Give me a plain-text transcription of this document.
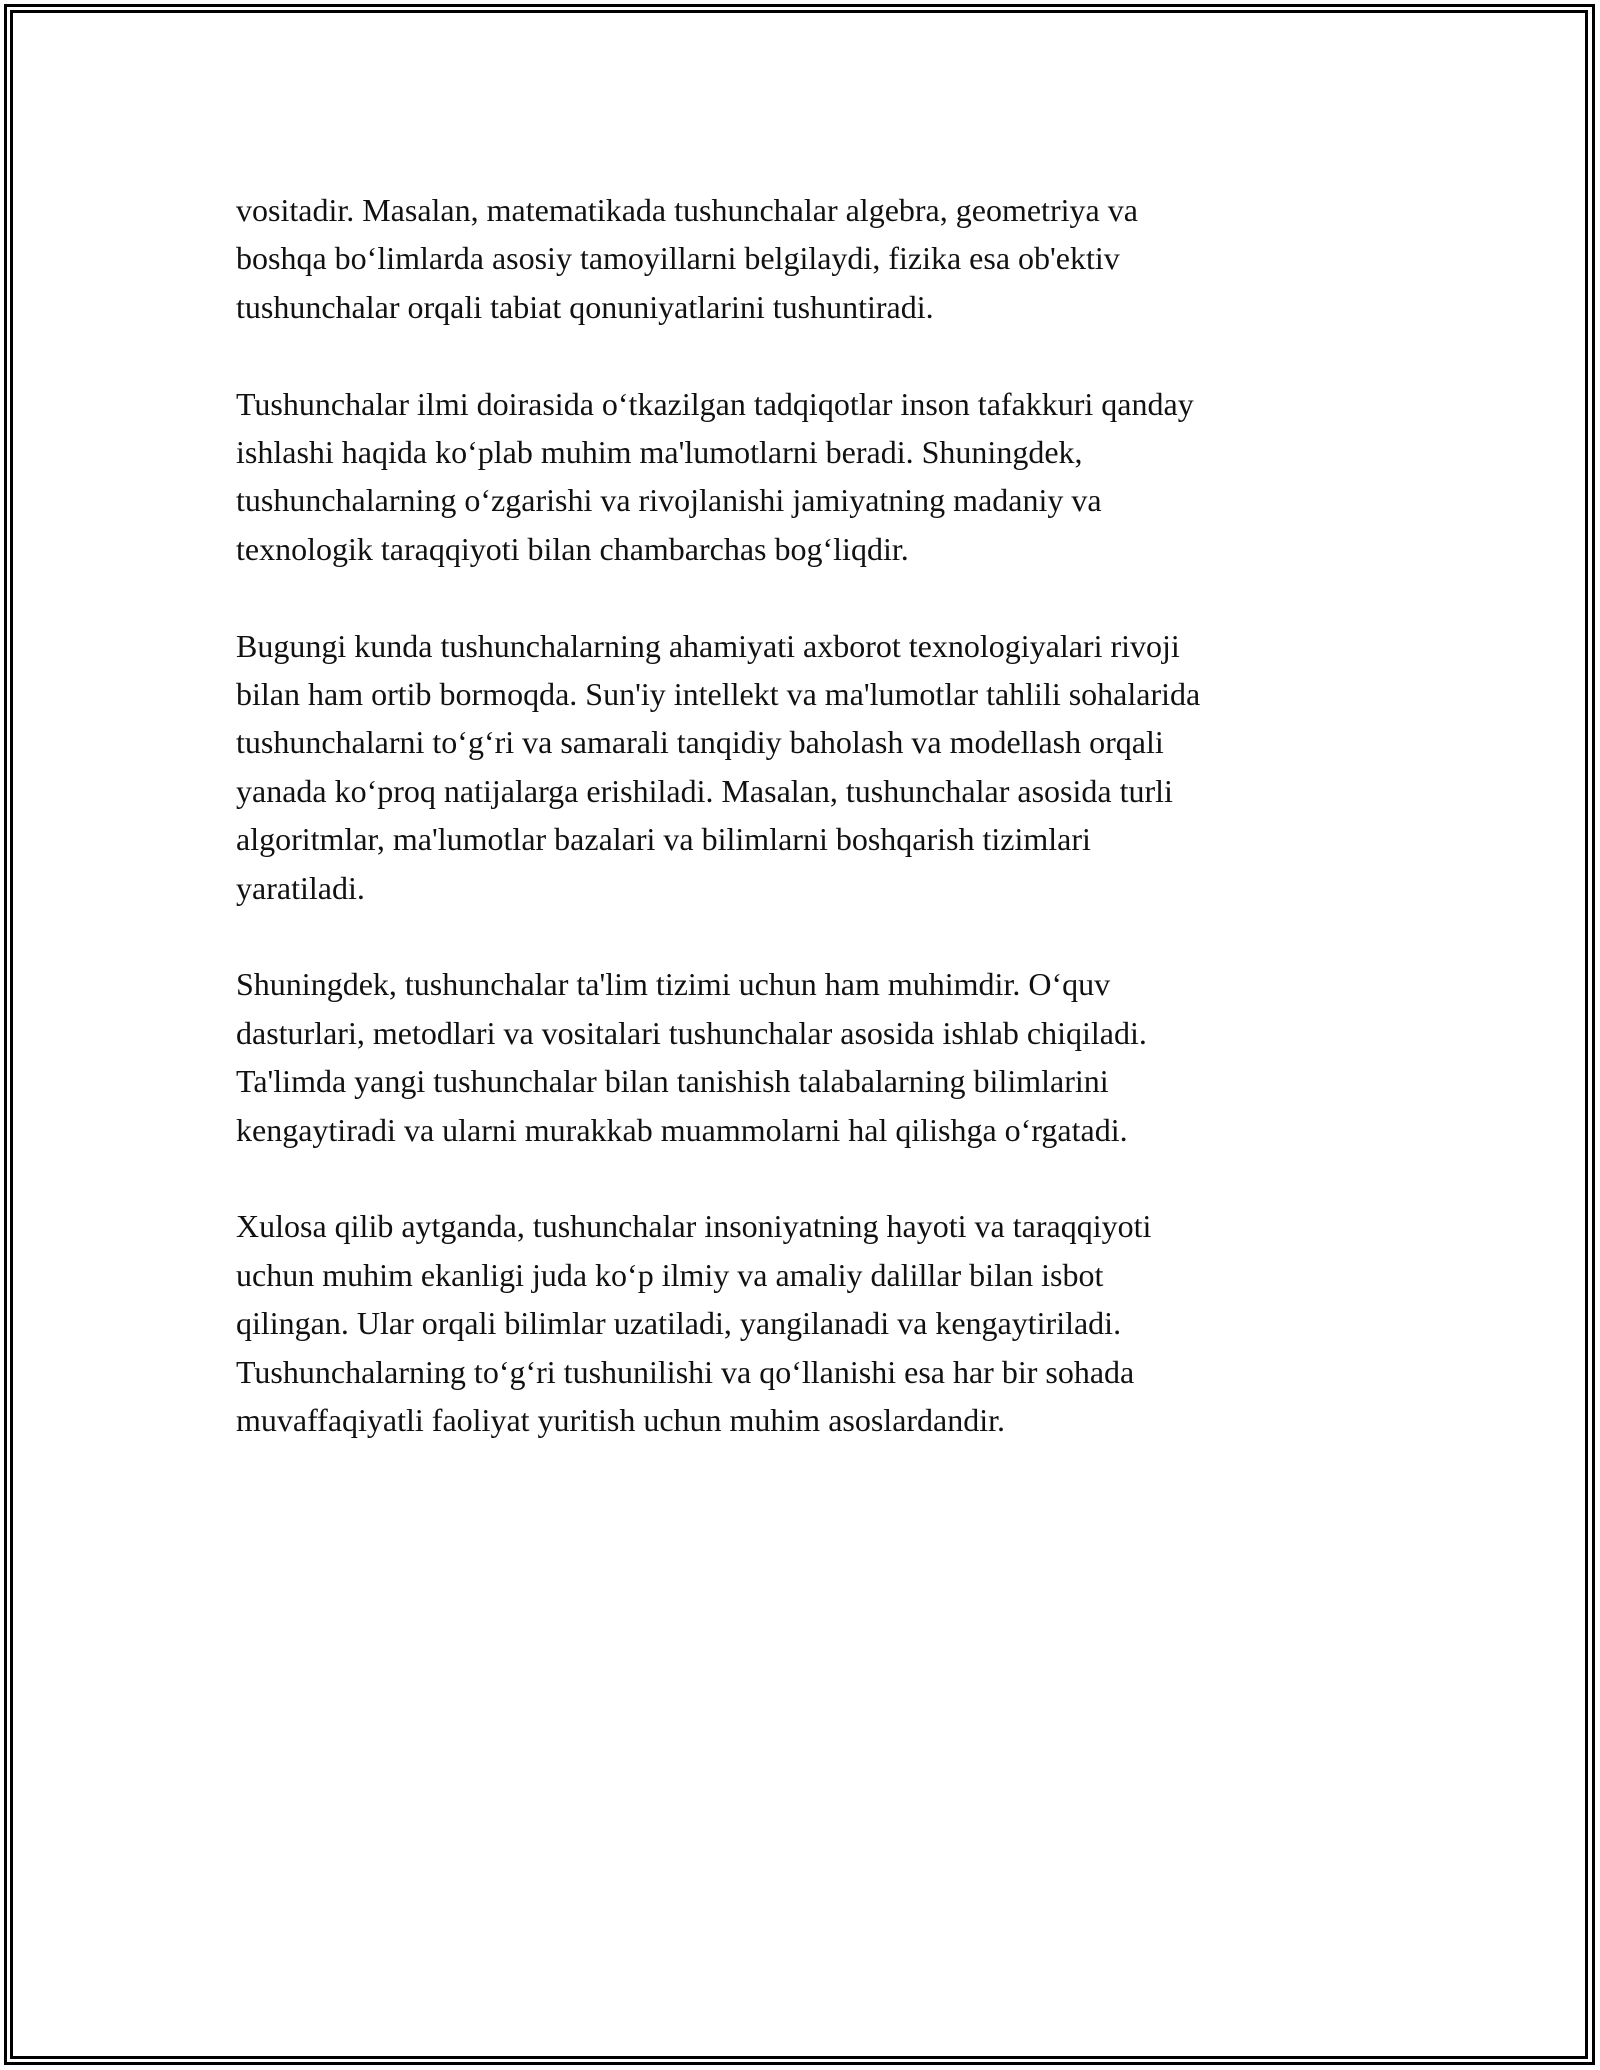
vositadir. Masalan, matematikada tushunchalar algebra, geometriya va
boshqa bo‘limlarda asosiy tamoyillarni belgilaydi, fizika esa ob'ektiv
tushunchalar orqali tabiat qonuniyatlarini tushuntiradi.

Tushunchalar ilmi doirasida o‘tkazilgan tadqiqotlar inson tafakkuri qanday
ishlashi haqida ko‘plab muhim ma'lumotlarni beradi. Shuningdek,
tushunchalarning o‘zgarishi va rivojlanishi jamiyatning madaniy va
texnologik taraqqiyoti bilan chambarchas bog‘liqdir.

Bugungi kunda tushunchalarning ahamiyati axborot texnologiyalari rivoji
bilan ham ortib bormoqda. Sun'iy intellekt va ma'lumotlar tahlili sohalarida
tushunchalarni to‘g‘ri va samarali tanqidiy baholash va modellash orqali
yanada ko‘proq natijalarga erishiladi. Masalan, tushunchalar asosida turli
algoritmlar, ma'lumotlar bazalari va bilimlarni boshqarish tizimlari
yaratiladi.

Shuningdek, tushunchalar ta'lim tizimi uchun ham muhimdir. O‘quv
dasturlari, metodlari va vositalari tushunchalar asosida ishlab chiqiladi.
Ta'limda yangi tushunchalar bilan tanishish talabalarning bilimlarini
kengaytiradi va ularni murakkab muammolarni hal qilishga o‘rgatadi.

Xulosa qilib aytganda, tushunchalar insoniyatning hayoti va taraqqiyoti
uchun muhim ekanligi juda ko‘p ilmiy va amaliy dalillar bilan isbot
qilingan. Ular orqali bilimlar uzatiladi, yangilanadi va kengaytiriladi.
Tushunchalarning to‘g‘ri tushunilishi va qo‘llanishi esa har bir sohada
muvaffaqiyatli faoliyat yuritish uchun muhim asoslardandir.
